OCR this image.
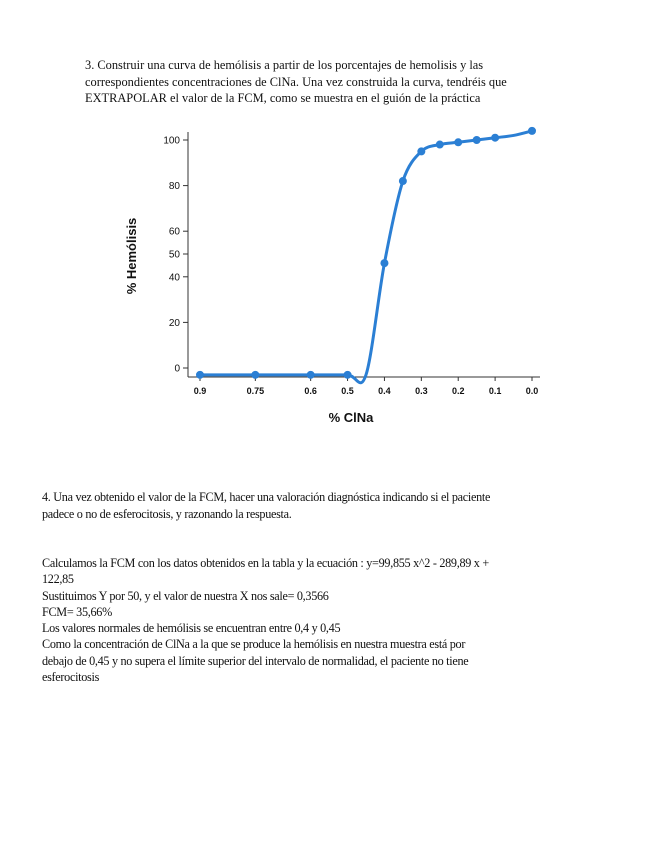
3. Construir una curva de hemólisis a partir de los porcentajes de hemolisis y las

correspondientes concentraciones de ClNa. Una vez construida la curva, tendréis que

EXTRAPOLAR el valor de la FCM, como se muestra en el guión de la práctica

0
20
40
50
60
80
100
0.9	0.75	0.6	0.5	0.4	0.3	0.2	0.1	0.0
% ClNa
% Hemólisis

4. Una vez obtenido el valor de la FCM, hacer una valoración diagnóstica indicando si el paciente

padece o no de esferocitosis, y razonando la respuesta.

Calculamos la FCM con los datos obtenidos en la tabla y la ecuación : y=99,855 x^2 - 289,89 x +

122,85

Sustituimos Y por 50, y el valor de nuestra X nos sale= 0,3566

FCM= 35,66%

Los valores normales de hemólisis se encuentran entre 0,4 y 0,45

Como la concentración de ClNa a la que se produce la hemólisis en nuestra muestra está por

debajo de 0,45 y no supera el límite superior del intervalo de normalidad, el paciente no tiene

esferocitosis
